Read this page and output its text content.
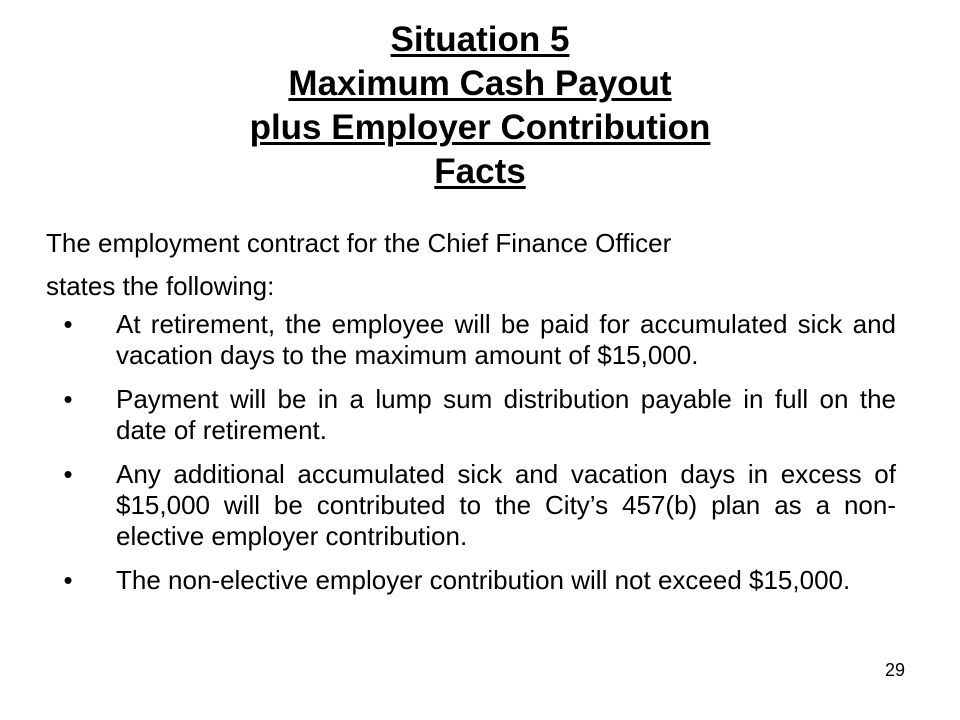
Situation 5
Maximum Cash Payout
plus Employer Contribution
Facts
The employment contract for the Chief Finance Officer
states the following:
• At retirement, the employee will be paid for accumulated sick and vacation days to the maximum amount of $15,000.
• Payment will be in a lump sum distribution payable in full on the date of retirement.
• Any additional accumulated sick and vacation days in excess of $15,000 will be contributed to the City’s 457(b) plan as a non-elective employer contribution.
• The non-elective employer contribution will not exceed $15,000.
29
